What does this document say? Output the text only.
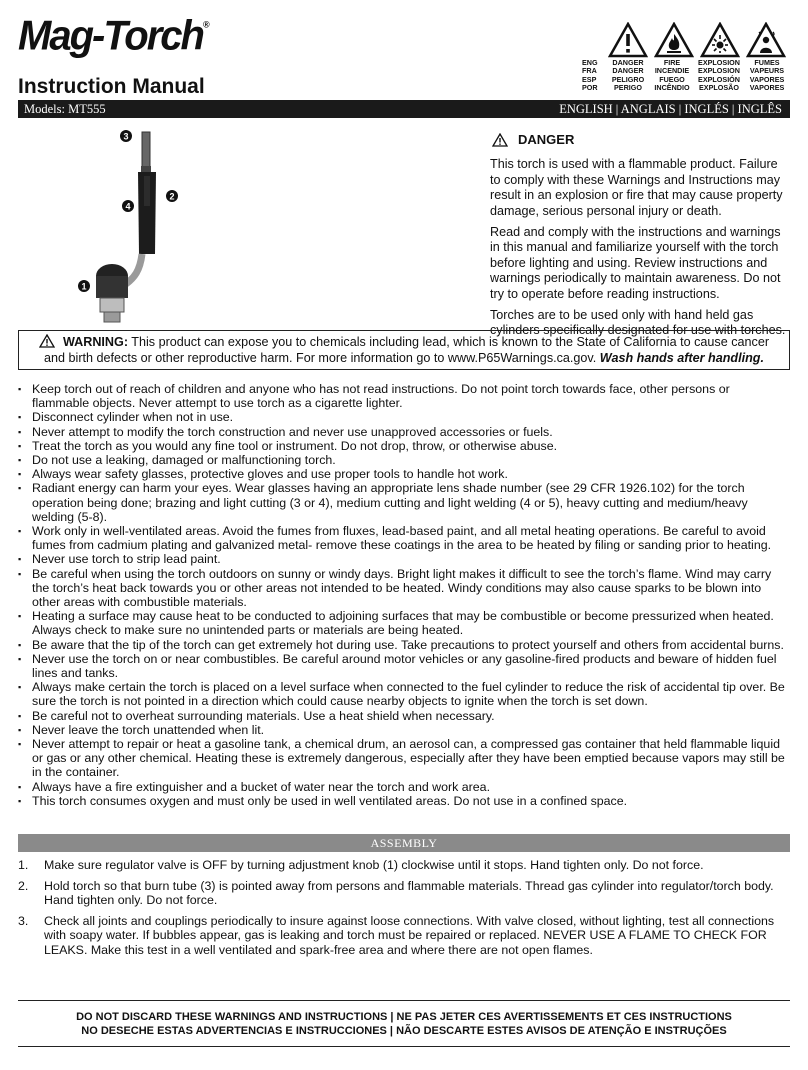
Mag-Torch®
Instruction Manual
ENG
FRA
ESP
POR
DANGER
DANGER
PELIGRO
PERIGO
FIRE
INCENDIE
FUEGO
INCÊNDIO
EXPLOSION
EXPLOSION
EXPLOSIÓN
EXPLOSÃO
FUMES
VAPEURS
VAPORES
VAPORES
Models: MT555	ENGLISH | ANGLAIS | INGLÉS | INGLÊS
3
2
4
1
DANGER

This torch is used with a flammable product. Failure to comply with these Warnings and Instructions may result in an explosion or fire that may cause property damage, serious personal injury or death.

Read and comply with the instructions and warnings in this manual and familiarize yourself with the torch before lighting and using. Review instructions and warnings periodically to maintain awareness. Do not try to operate before reading instructions.

Torches are to be used only with hand held gas cylinders specifically designated for use with torches.

WARNING: This product can expose you to chemicals including lead, which is known to the State of California to cause cancer and birth defects or other reproductive harm. For more information go to www.P65Warnings.ca.gov. Wash hands after handling.
▪ Keep torch out of reach of children and anyone who has not read instructions. Do not point torch towards face, other persons or flammable objects. Never attempt to use torch as a cigarette lighter.
▪ Disconnect cylinder when not in use.
▪ Never attempt to modify the torch construction and never use unapproved accessories or fuels.
▪ Treat the torch as you would any fine tool or instrument. Do not drop, throw, or otherwise abuse.
▪ Do not use a leaking, damaged or malfunctioning torch.
▪ Always wear safety glasses, protective gloves and use proper tools to handle hot work.
▪ Radiant energy can harm your eyes. Wear glasses having an appropriate lens shade number (see 29 CFR 1926.102) for the torch operation being done; brazing and light cutting (3 or 4), medium cutting and light welding (4 or 5), heavy cutting and medium/heavy welding (5-8).
▪ Work only in well-ventilated areas. Avoid the fumes from fluxes, lead-based paint, and all metal heating operations. Be careful to avoid fumes from cadmium plating and galvanized metal- remove these coatings in the area to be heated by filing or sanding prior to heating.
▪ Never use torch to strip lead paint.
▪ Be careful when using the torch outdoors on sunny or windy days. Bright light makes it difficult to see the torch’s flame. Wind may carry the torch’s heat back towards you or other areas not intended to be heated. Windy conditions may also cause sparks to be blown into other areas with combustible materials.
▪ Heating a surface may cause heat to be conducted to adjoining surfaces that may be combustible or become pressurized when heated. Always check to make sure no unintended parts or materials are being heated.
▪ Be aware that the tip of the torch can get extremely hot during use. Take precautions to protect yourself and others from accidental burns.
▪ Never use the torch on or near combustibles. Be careful around motor vehicles or any gasoline-fired products and beware of hidden fuel lines and tanks.
▪ Always make certain the torch is placed on a level surface when connected to the fuel cylinder to reduce the risk of accidental tip over. Be sure the torch is not pointed in a direction which could cause nearby objects to ignite when the torch is set down.
▪ Be careful not to overheat surrounding materials. Use a heat shield when necessary.
▪ Never leave the torch unattended when lit.
▪ Never attempt to repair or heat a gasoline tank, a chemical drum, an aerosol can, a compressed gas container that held flammable liquid or gas or any other chemical. Heating these is extremely dangerous, especially after they have been emptied because vapors may still be in the container.
▪ Always have a fire extinguisher and a bucket of water near the torch and work area.
▪ This torch consumes oxygen and must only be used in well ventilated areas. Do not use in a confined space.
ASSEMBLY
1. Make sure regulator valve is OFF by turning adjustment knob (1) clockwise until it stops. Hand tighten only. Do not force.
2. Hold torch so that burn tube (3) is pointed away from persons and flammable materials. Thread gas cylinder into regulator/torch body. Hand tighten only. Do not force.
3. Check all joints and couplings periodically to insure against loose connections. With valve closed, without lighting, test all connections with soapy water. If bubbles appear, gas is leaking and torch must be repaired or replaced. NEVER USE A FLAME TO CHECK FOR LEAKS. Make this test in a well ventilated and spark-free area and where there are not open flames.
DO NOT DISCARD THESE WARNINGS AND INSTRUCTIONS | NE PAS JETER CES AVERTISSEMENTS ET CES INSTRUCTIONS
NO DESECHE ESTAS ADVERTENCIAS E INSTRUCCIONES | NÃO DESCARTE ESTES AVISOS DE ATENÇÃO E INSTRUÇÕES
